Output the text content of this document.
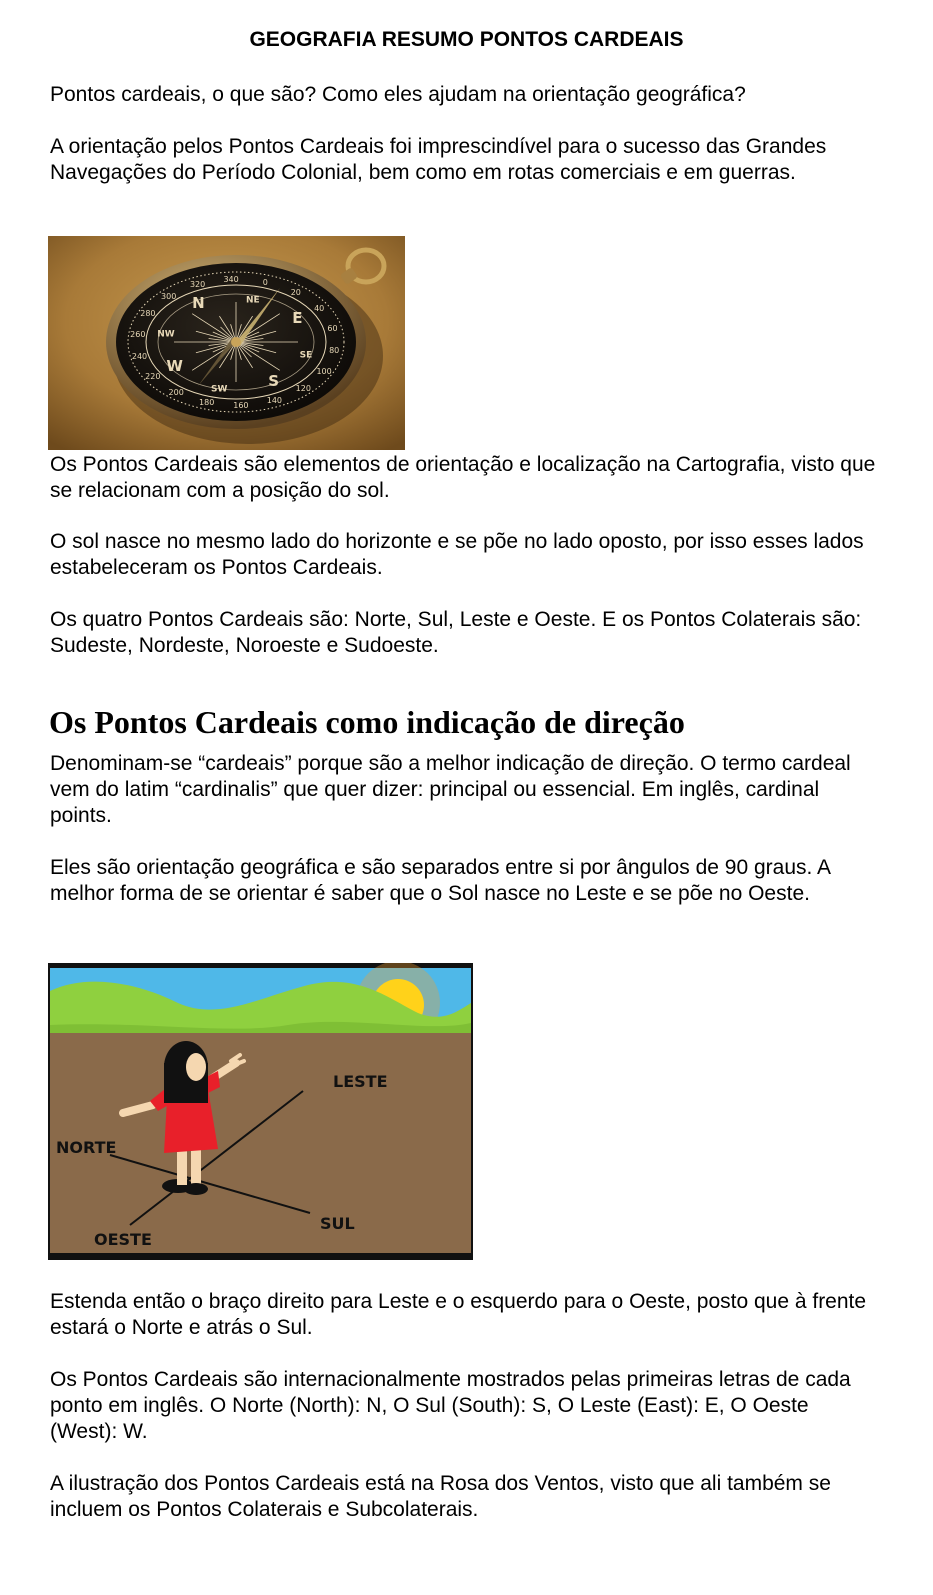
GEOGRAFIA RESUMO PONTOS CARDEAIS

Pontos cardeais, o que são? Como eles ajudam na orientação geográfica?

A orientação pelos Pontos Cardeais foi imprescindível para o sucesso das Grandes Navegações do Período Colonial, bem como em rotas comerciais e em guerras.

0
20
40
60
80
100
120
140
160
180
200
220
240
260
280
300
320
340
N	NE
E
SE
S
SW
W
NW

Os Pontos Cardeais são elementos de orientação e localização na Cartografia, visto que se relacionam com a posição do sol.

O sol nasce no mesmo lado do horizonte e se põe no lado oposto, por isso esses lados estabeleceram os Pontos Cardeais.

Os quatro Pontos Cardeais são: Norte, Sul, Leste e Oeste. E os Pontos Colaterais são: Sudeste, Nordeste, Noroeste e Sudoeste.

Os Pontos Cardeais como indicação de direção

Denominam-se “cardeais” porque são a melhor indicação de direção. O termo cardeal vem do latim “cardinalis” que quer dizer: principal ou essencial. Em inglês, cardinal points.

Eles são orientação geográfica e são separados entre si por ângulos de 90 graus. A melhor forma de se orientar é saber que o Sol nasce no Leste e se põe no Oeste.

LESTE
NORTE
SUL
OESTE

Estenda então o braço direito para Leste e o esquerdo para o Oeste, posto que à frente estará o Norte e atrás o Sul.

Os Pontos Cardeais são internacionalmente mostrados pelas primeiras letras de cada ponto em inglês. O Norte (North): N, O Sul (South): S, O Leste (East): E, O Oeste (West): W.

A ilustração dos Pontos Cardeais está na Rosa dos Ventos, visto que ali também se incluem os Pontos Colaterais e Subcolaterais.
